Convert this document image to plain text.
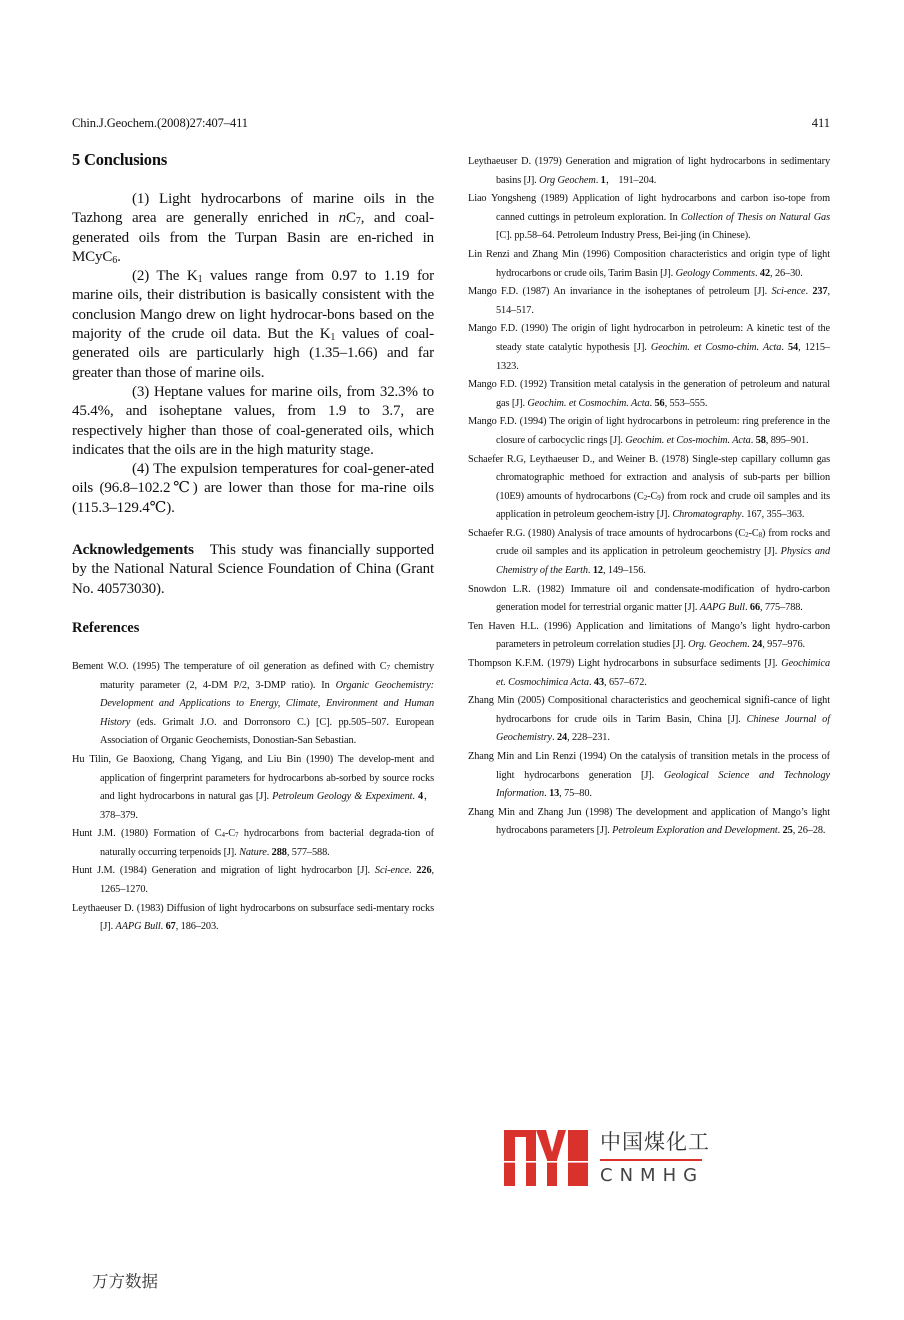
Chin.J.Geochem.(2008)27:407–411	411
5 Conclusions

(1) Light hydrocarbons of marine oils in the Tazhong area are generally enriched in $nC_7$, and coal-generated oils from the Turpan Basin are en-riched in MCyC$_6$.

(2) The $K_1$ values range from 0.97 to 1.19 for marine oils, their distribution is basically consistent with the conclusion Mango drew on light hydrocar-bons based on the majority of the crude oil data. But the $K_1$ values of coal-generated oils are particularly high (1.35–1.66) and far greater than those of marine oils.

(3) Heptane values for marine oils, from 32.3% to 45.4%, and isoheptane values, from 1.9 to 3.7, are respectively higher than those of coal-generated oils, which indicates that the oils are in the high maturity stage.

(4) The expulsion temperatures for coal-gener-ated oils (96.8–102.2℃) are lower than those for ma-rine oils (115.3–129.4℃).

Acknowledgements This study was financially supported by the National Natural Science Foundation of China (Grant No. 40573030).

References
Bement W.O. (1995) The temperature of oil generation as defined with $C_7$ chemistry maturity parameter (2, 4-DM P/2, 3-DMP ratio). In Organic Geochemistry: Development and Applications to Energy, Climate, Environment and Human History (eds. Grimalt J.O. and Dorronsoro C.) [C]. pp.505–507. European Association of Organic Geochemists, Donostian-San Sebastian.
Hu Tilin, Ge Baoxiong, Chang Yigang, and Liu Bin (1990) The develop-ment and application of fingerprint parameters for hydrocarbons ab-sorbed by source rocks and light hydrocarbons in natural gas [J]. Petroleum Geology & Expeximent. 4， 378–379.
Hunt J.M. (1980) Formation of $C_4-C_7$ hydrocarbons from bacterial degrada-tion of naturally occurring terpenoids [J]. Nature. 288, 577–588.
Hunt J.M. (1984) Generation and migration of light hydrocarbon [J]. Sci-ence. 226, 1265–1270.
Leythaeuser D. (1983) Diffusion of light hydrocarbons on subsurface sedi-mentary rocks [J]. AAPG Bull. 67, 186–203.
Leythaeuser D. (1979) Generation and migration of light hydrocarbons in sedimentary basins [J]. Org Geochem. 1， 191–204.
Liao Yongsheng (1989) Application of light hydrocarbons and carbon iso-tope from canned cuttings in petroleum exploration. In Collection of Thesis on Natural Gas [C]. pp.58–64. Petroleum Industry Press, Bei-jing (in Chinese).
Lin Renzi and Zhang Min (1996) Composition characteristics and origin type of light hydrocarbons or crude oils, Tarim Basin [J]. Geology Comments. 42, 26–30.
Mango F.D. (1987) An invariance in the isoheptanes of petroleum [J]. Sci-ence. 237, 514–517.
Mango F.D. (1990) The origin of light hydrocarbon in petroleum: A kinetic test of the steady state catalytic hypothesis [J]. Geochim. et Cosmo-chim. Acta. 54, 1215–1323.
Mango F.D. (1992) Transition metal catalysis in the generation of petroleum and natural gas [J]. Geochim. et Cosmochim. Acta. 56, 553–555.
Mango F.D. (1994) The origin of light hydrocarbons in petroleum: ring preference in the closure of carbocyclic rings [J]. Geochim. et Cos-mochim. Acta. 58, 895–901.
Schaefer R.G, Leythaeuser D., and Weiner B. (1978) Single-step capillary collumn gas chromatographic methoed for extraction and analysis of sub-parts per billion (10E9) amounts of hydrocarbons $(C_2-C_9)$ from rock and crude oil samples and its application in petroleum geochem-istry [J]. Chromatography. 167, 355–363.
Schaefer R.G. (1980) Analysis of trace amounts of hydrocarbons $(C_2-C_8)$ from rocks and crude oil samples and its application in petroleum geochemistry [J]. Physics and Chemistry of the Earth. 12, 149–156.
Snowdon L.R. (1982) Immature oil and condensate-modification of hydro-carbon generation model for terrestrial organic matter [J]. AAPG Bull. 66, 775–788.
Ten Haven H.L. (1996) Application and limitations of Mango’s light hydro-carbon parameters in petroleum correlation studies [J]. Org. Geochem. 24, 957–976.
Thompson K.F.M. (1979) Light hydrocarbons in subsurface sediments [J]. Geochimica et. Cosmochimica Acta. 43, 657–672.
Zhang Min (2005) Compositional characteristics and geochemical signifi-cance of light hydrocarbons for crude oils in Tarim Basin, China [J]. Chinese Journal of Geochemistry. 24, 228–231.
Zhang Min and Lin Renzi (1994) On the catalysis of transition metals in the process of light hydrocarbons generation [J]. Geological Science and Technology Information. 13, 75–80.
Zhang Min and Zhang Jun (1998) The development and application of Mango’s light hydrocabons parameters [J]. Petroleum Exploration and Development. 25, 26–28.
中国煤化工
CNMHG
万方数据
